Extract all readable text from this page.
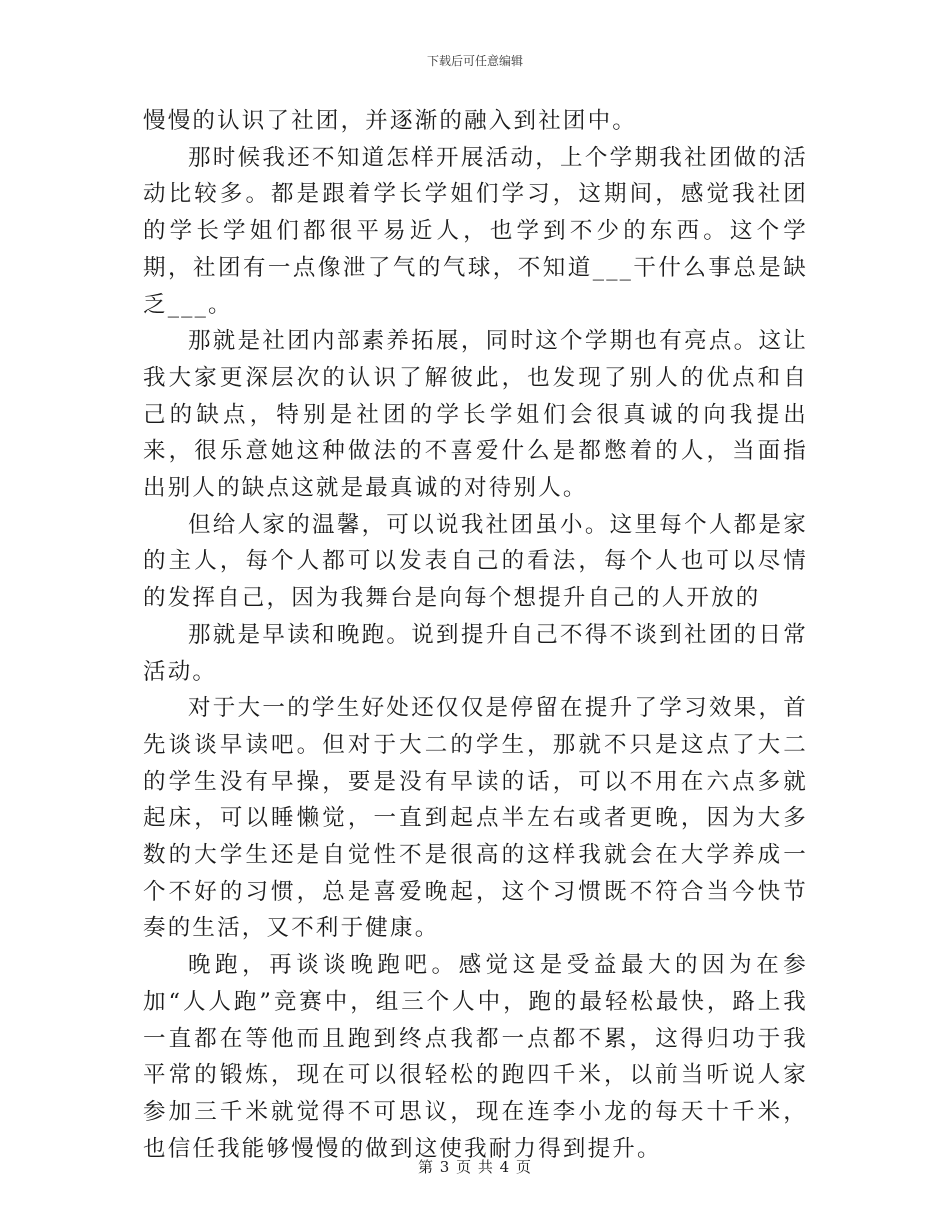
下载后可任意编辑

慢慢的认识了社团，并逐渐的融入到社团中。

那时候我还不知道怎样开展活动，上个学期我社团做的活动比较多。都是跟着学长学姐们学习，这期间，感觉我社团的学长学姐们都很平易近人，也学到不少的东西。这个学期，社团有一点像泄了气的气球，不知道___干什么事总是缺乏___。

那就是社团内部素养拓展，同时这个学期也有亮点。这让我大家更深层次的认识了解彼此，也发现了别人的优点和自己的缺点，特别是社团的学长学姐们会很真诚的向我提出来，很乐意她这种做法的不喜爱什么是都憋着的人，当面指出别人的缺点这就是最真诚的对待别人。

但给人家的温馨，可以说我社团虽小。这里每个人都是家的主人，每个人都可以发表自己的看法，每个人也可以尽情的发挥自己，因为我舞台是向每个想提升自己的人开放的

那就是早读和晚跑。说到提升自己不得不谈到社团的日常活动。

对于大一的学生好处还仅仅是停留在提升了学习效果，首先谈谈早读吧。但对于大二的学生，那就不只是这点了大二的学生没有早操，要是没有早读的话，可以不用在六点多就起床，可以睡懒觉，一直到起点半左右或者更晚，因为大多数的大学生还是自觉性不是很高的这样我就会在大学养成一个不好的习惯，总是喜爱晚起，这个习惯既不符合当今快节奏的生活，又不利于健康。

晚跑，再谈谈晚跑吧。感觉这是受益最大的因为在参加“人人跑”竞赛中，组三个人中，跑的最轻松最快，路上我一直都在等他而且跑到终点我都一点都不累，这得归功于我平常的锻炼，现在可以很轻松的跑四千米，以前当听说人家参加三千米就觉得不可思议，现在连李小龙的每天十千米，也信任我能够慢慢的做到这使我耐力得到提升。

第 3 页 共 4 页
